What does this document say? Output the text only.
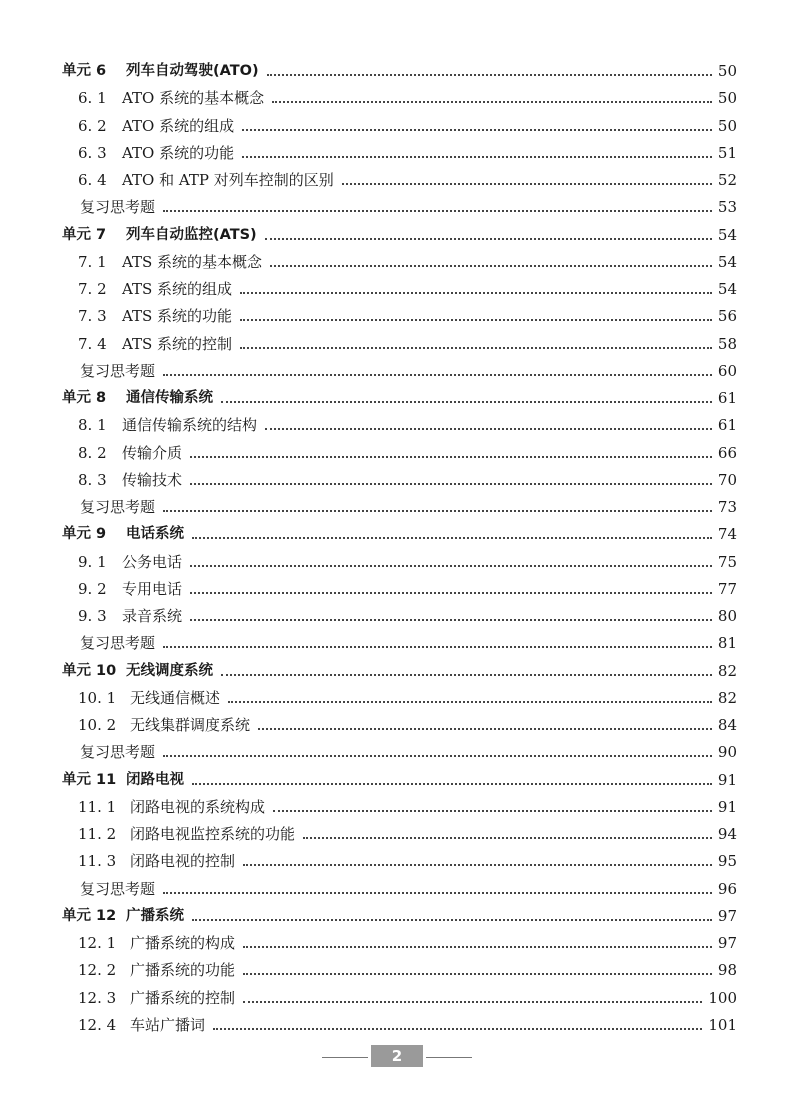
单元 6 列车自动驾驶(ATO)	50
6. 1 ATO 系统的基本概念	50
6. 2 ATO 系统的组成	50
6. 3 ATO 系统的功能	51
6. 4 ATO 和 ATP 对列车控制的区别	52
复习思考题	53
单元 7 列车自动监控(ATS)	54
7. 1 ATS 系统的基本概念	54
7. 2 ATS 系统的组成	54
7. 3 ATS 系统的功能	56
7. 4 ATS 系统的控制	58
复习思考题	60
单元 8 通信传输系统	61
8. 1 通信传输系统的结构	61
8. 2 传输介质	66
8. 3 传输技术	70
复习思考题	73
单元 9 电话系统	74
9. 1 公务电话	75
9. 2 专用电话	77
9. 3 录音系统	80
复习思考题	81
单元 10 无线调度系统	82
10. 1 无线通信概述	82
10. 2 无线集群调度系统	84
复习思考题	90
单元 11 闭路电视	91
11. 1 闭路电视的系统构成	91
11. 2 闭路电视监控系统的功能	94
11. 3 闭路电视的控制	95
复习思考题	96
单元 12 广播系统	97
12. 1 广播系统的构成	97
12. 2 广播系统的功能	98
12. 3 广播系统的控制	100
12. 4 车站广播词	101
2
